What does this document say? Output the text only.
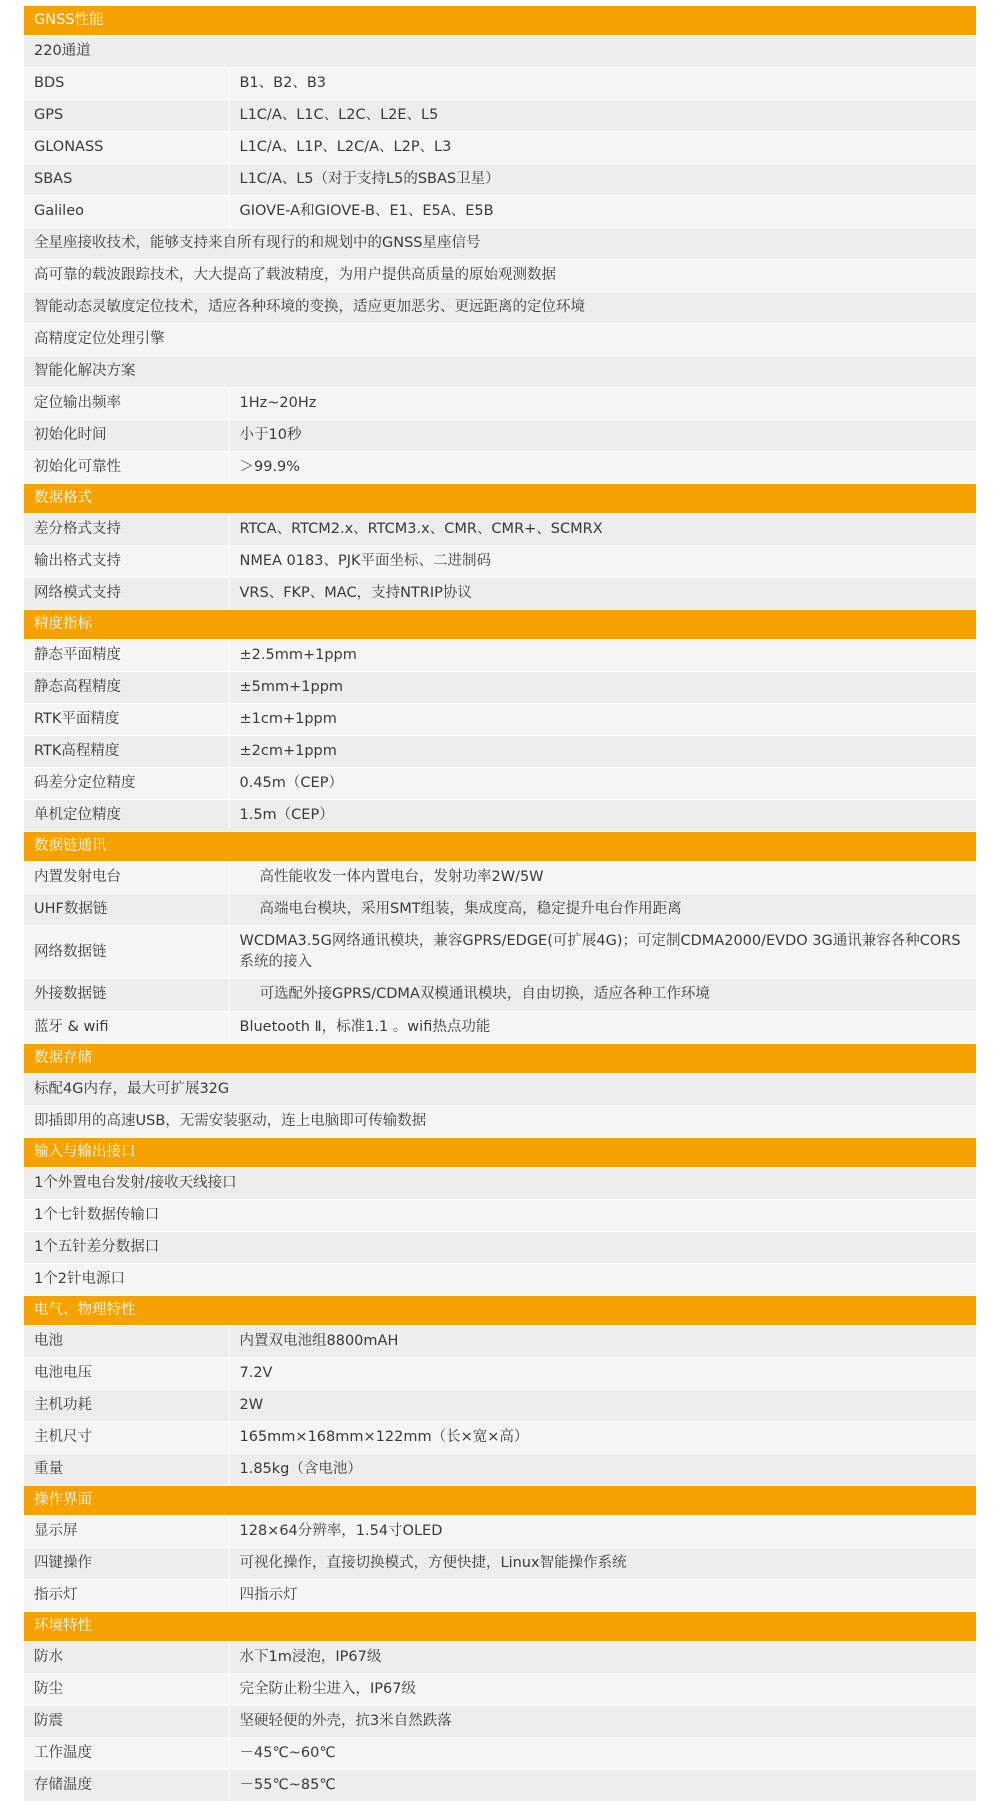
GNSS性能	
220通道	
BDS	B1、B2、B3
GPS	L1C/A、L1C、L2C、L2E、L5
GLONASS	L1C/A、L1P、L2C/A、L2P、L3
SBAS	L1C/A、L5（对于支持L5的SBAS卫星）
Galileo	GIOVE-A和GIOVE-B、E1、E5A、E5B
全星座接收技术，能够支持来自所有现行的和规划中的GNSS星座信号	
高可靠的载波跟踪技术，大大提高了载波精度，为用户提供高质量的原始观测数据	
智能动态灵敏度定位技术，适应各种环境的变换，适应更加恶劣、更远距离的定位环境	
高精度定位处理引擎	
智能化解决方案	
定位输出频率	1Hz~20Hz
初始化时间	小于10秒
初始化可靠性	＞99.9%
数据格式	
差分格式支持	RTCA、RTCM2.x、RTCM3.x、CMR、CMR+、SCMRX
输出格式支持	NMEA 0183、PJK平面坐标、二进制码
网络模式支持	VRS、FKP、MAC，支持NTRIP协议
精度指标	
静态平面精度	±2.5mm+1ppm
静态高程精度	±5mm+1ppm
RTK平面精度	±1cm+1ppm
RTK高程精度	±2cm+1ppm
码差分定位精度	0.45m（CEP）
单机定位精度	1.5m（CEP）
数据链通讯	
内置发射电台	高性能收发一体内置电台，发射功率2W/5W
UHF数据链	高端电台模块，采用SMT组装，集成度高，稳定提升电台作用距离
网络数据链	WCDMA3.5G网络通讯模块，兼容GPRS/EDGE(可扩展4G)；可定制CDMA2000/EVDO 3G通讯兼容各种CORS系统的接入
外接数据链	可选配外接GPRS/CDMA双模通讯模块，自由切换，适应各种工作环境
蓝牙 & wifi	Bluetooth Ⅱ，标准1.1 。wifi热点功能
数据存储	
标配4G内存，最大可扩展32G	
即插即用的高速USB，无需安装驱动，连上电脑即可传输数据	
输入与输出接口	
1个外置电台发射/接收天线接口	
1个七针数据传输口	
1个五针差分数据口	
1个2针电源口	
电气、物理特性	
电池	内置双电池组8800mAH
电池电压	7.2V
主机功耗	2W
主机尺寸	165mm×168mm×122mm（长×宽×高）
重量	1.85kg（含电池）
操作界面	
显示屏	128×64分辨率，1.54寸OLED
四键操作	可视化操作，直接切换模式，方便快捷，Linux智能操作系统
指示灯	四指示灯
环境特性	
防水	水下1m浸泡，IP67级
防尘	完全防止粉尘进入，IP67级
防震	坚硬轻便的外壳，抗3米自然跌落
工作温度	－45℃~60℃
存储温度	－55℃~85℃
